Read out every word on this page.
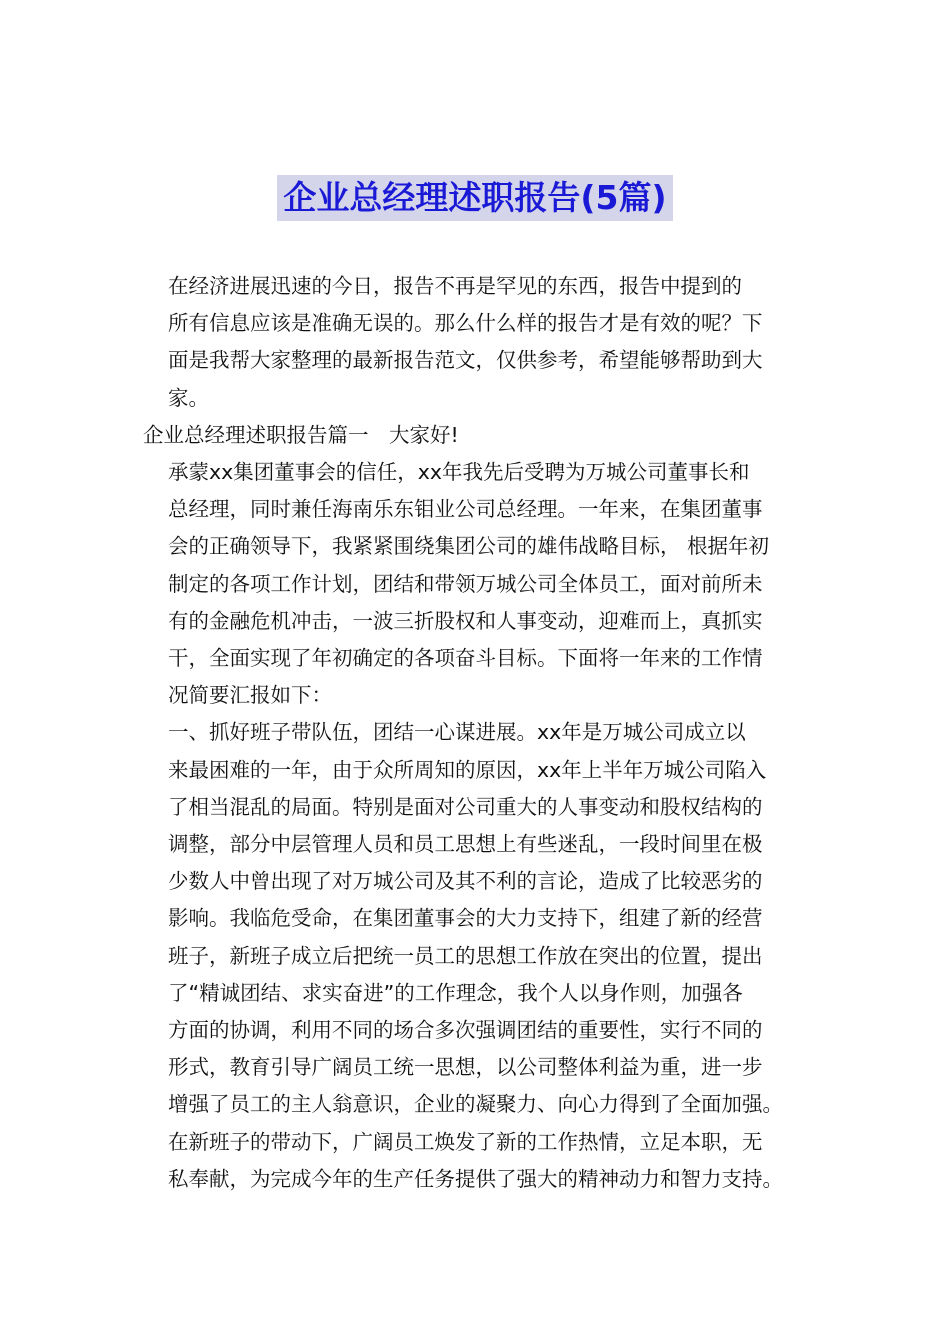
企业总经理述职报告(5篇)
在经济进展迅速的今日，报告不再是罕见的东西，报告中提到的
所有信息应该是准确无误的。那么什么样的报告才是有效的呢？下
面是我帮大家整理的最新报告范文，仅供参考，希望能够帮助到大
家。
企业总经理述职报告篇一　大家好!
承蒙xx集团董事会的信任，xx年我先后受聘为万城公司董事长和
总经理，同时兼任海南乐东钼业公司总经理。一年来，在集团董事
会的正确领导下，我紧紧围绕集团公司的雄伟战略目标， 根据年初
制定的各项工作计划，团结和带领万城公司全体员工，面对前所未
有的金融危机冲击，一波三折股权和人事变动，迎难而上，真抓实
干，全面实现了年初确定的各项奋斗目标。下面将一年来的工作情
况简要汇报如下：
一、抓好班子带队伍，团结一心谋进展。xx年是万城公司成立以
来最困难的一年，由于众所周知的原因，xx年上半年万城公司陷入
了相当混乱的局面。特别是面对公司重大的人事变动和股权结构的
调整，部分中层管理人员和员工思想上有些迷乱，一段时间里在极
少数人中曾出现了对万城公司及其不利的言论，造成了比较恶劣的
影响。我临危受命，在集团董事会的大力支持下，组建了新的经营
班子，新班子成立后把统一员工的思想工作放在突出的位置，提出
了“精诚团结、求实奋进”的工作理念，我个人以身作则，加强各
方面的协调，利用不同的场合多次强调团结的重要性，实行不同的
形式，教育引导广阔员工统一思想，以公司整体利益为重，进一步
增强了员工的主人翁意识，企业的凝聚力、向心力得到了全面加强。
在新班子的带动下，广阔员工焕发了新的工作热情，立足本职，无
私奉献，为完成今年的生产任务提供了强大的精神动力和智力支持。
